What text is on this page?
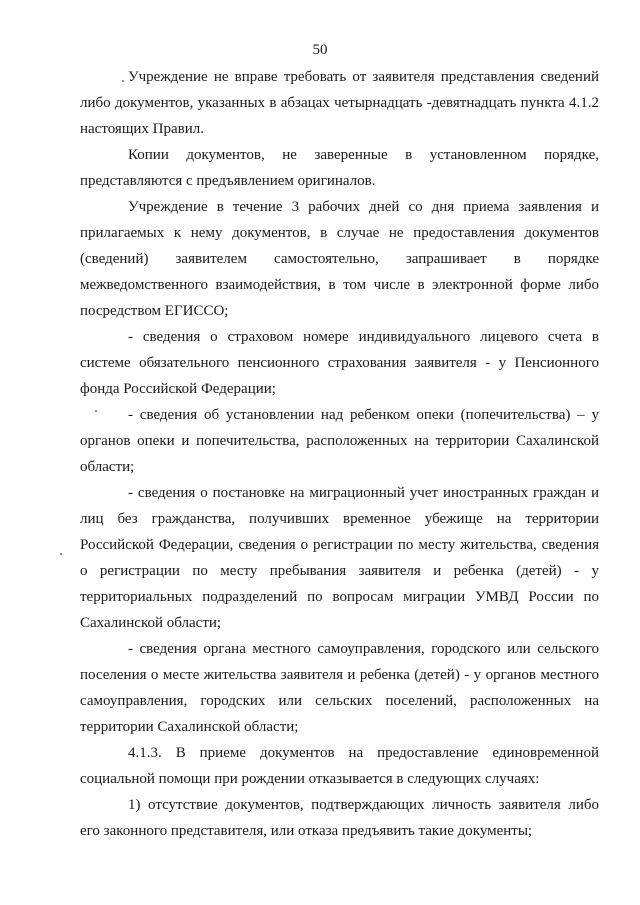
50

Учреждение не вправе требовать от заявителя представления сведений либо документов, указанных в абзацах четырнадцать -девятнадцать пункта 4.1.2 настоящих Правил.

Копии документов, не заверенные в установленном порядке, представляются с предъявлением оригиналов.

Учреждение в течение 3 рабочих дней со дня приема заявления и прилагаемых к нему документов, в случае не предоставления документов (сведений) заявителем самостоятельно, запрашивает в порядке межведомственного взаимодействия, в том числе в электронной форме либо посредством ЕГИССО;

- сведения о страховом номере индивидуального лицевого счета в системе обязательного пенсионного страхования заявителя - у Пенсионного фонда Российской Федерации;

- сведения об установлении над ребенком опеки (попечительства) – у органов опеки и попечительства, расположенных на территории Сахалинской области;

- сведения о постановке на миграционный учет иностранных граждан и лиц без гражданства, получивших временное убежище на территории Российской Федерации, сведения о регистрации по месту жительства, сведения о регистрации по месту пребывания заявителя и ребенка (детей) - у территориальных подразделений по вопросам миграции УМВД России по Сахалинской области;

- сведения органа местного самоуправления, городского или сельского поселения о месте жительства заявителя и ребенка (детей) - у органов местного самоуправления, городских или сельских поселений, расположенных на территории Сахалинской области;

4.1.3. В приеме документов на предоставление единовременной социальной помощи при рождении отказывается в следующих случаях:

1) отсутствие документов, подтверждающих личность заявителя либо его законного представителя, или отказа предъявить такие документы;
